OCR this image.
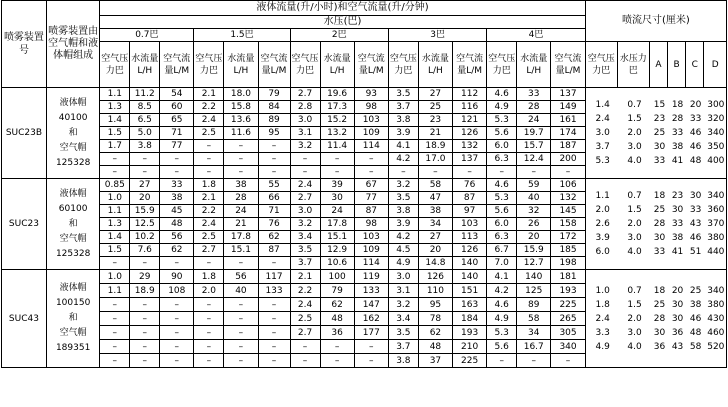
喷雾装置号
	喷雾装置由空气帽和液体帽组成	液体流量(升/小时)和空气流量(升/分钟)	喷流尺寸(厘米)
水压(巴)
0.7巴	1.5巴	2巴	3巴	4巴
空气压力巴	水流量L/H	空气流量L/M	空气压力巴	水流量L/H	空气流量L/M	空气压力巴	水流量L/H	空气流量L/M	空气压力巴	水流量L/H	空气流量L/M	空气压力巴	水流量L/H	空气流量L/M	空气压力巴	水压力巴	A	B	C	D
SUC23B	
液体帽
40100
和
空气帽
125328
	1.1	11.2	54	2.1	18.0	79	2.7	19.6	93	3.5	27	112	4.6	33	137	
1.4	0.7	15	18	20	300
2.4	1.5	23	28	33	320
3.0	2.0	25	33	46	340
3.7	3.0	30	38	46	350
5.3	4.0	33	41	48	400

1.3	8.5	60	2.2	15.8	84	2.8	17.3	98	3.7	25	116	4.9	28	149
1.4	6.5	65	2.4	13.6	89	3.0	15.2	103	3.8	23	121	5.3	24	161
1.5	5.0	71	2.5	11.6	95	3.1	13.2	109	3.9	21	126	5.6	19.7	174
1.7	3.8	77	–	–	–	3.2	11.4	114	4.1	18.9	132	6.0	15.7	187
–	–	–	–	–	–	–	–	–	4.2	17.0	137	6.3	12.4	200
–	–	–	–	–	–	–	–	–	–	–	–	–	–	–
SUC23	
液体帽
60100
和
空气帽
125328
	0.85	27	33	1.8	38	55	2.4	39	67	3.2	58	76	4.6	59	106	
1.1	0.7	18	23	30	340
2.0	1.5	25	30	33	360
2.6	2.0	28	33	43	370
3.9	3.0	30	38	46	380
6.0	4.0	33	41	51	440

1.0	20	38	2.1	28	66	2.7	30	77	3.5	47	87	5.3	40	132
1.1	15.9	45	2.2	24	71	3.0	24	87	3.8	38	97	5.6	32	145
1.3	12.5	48	2.4	21	76	3.2	17.8	98	3.9	34	103	6.0	26	158
1.4	10.2	56	2.5	17.8	62	3.4	15.1	103	4.2	27	113	6.3	20	172
1.5	7.6	62	2.7	15.1	87	3.5	12.9	109	4.5	20	126	6.7	15.9	185
–	–	–	–	–	–	3.7	10.6	114	4.9	14.8	140	7.0	12.7	198
SUC43	
液体帽
100150
和
空气帽
189351
	1.0	29	90	1.8	56	117	2.1	100	119	3.0	126	140	4.1	140	181	
1.0	0.7	18	20	25	340
1.8	1.5	25	30	38	380
2.4	2.0	28	30	46	430
3.3	3.0	30	36	48	460
4.9	4.0	36	43	58	520

1.1	18.9	108	2.0	40	133	2.2	79	133	3.1	110	151	4.2	125	193
–	–	–	–	–	–	2.4	62	147	3.2	95	163	4.6	89	225
–	–	–	–	–	–	2.5	48	162	3.4	78	184	4.9	58	265
–	–	–	–	–	–	2.7	36	177	3.5	62	193	5.3	34	305
–	–	–	–	–	–	–	–	–	3.7	48	210	5.6	16.7	340
–	–	–	–	–	–	–	–	–	3.8	37	225	–	–	–
